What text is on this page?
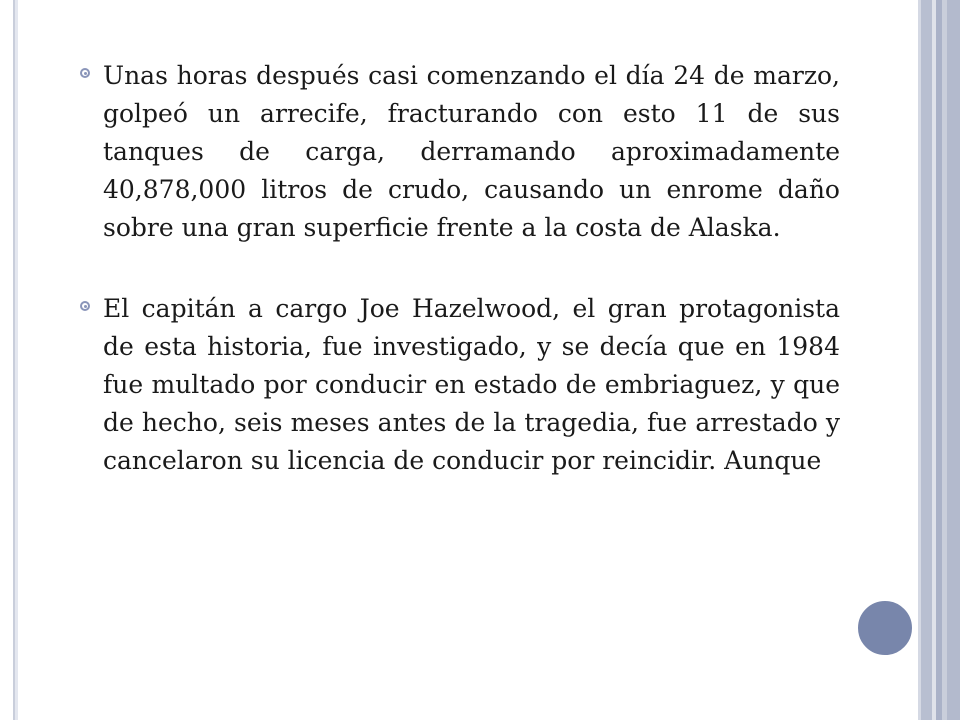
Unas horas después casi comenzando el día 24 de marzo, golpeó un arrecife, fracturando con esto 11 de sus tanques de carga, derramando aproximadamente 40,878,000 litros de crudo, causando un enrome daño sobre una gran superficie frente a la costa de Alaska.

El capitán a cargo Joe Hazelwood, el gran protagonista de esta historia, fue investigado, y se decía que en 1984 fue multado por conducir en estado de embriaguez, y que de hecho, seis meses antes de la tragedia, fue arrestado y cancelaron su licencia de conducir por reincidir. Aunque
